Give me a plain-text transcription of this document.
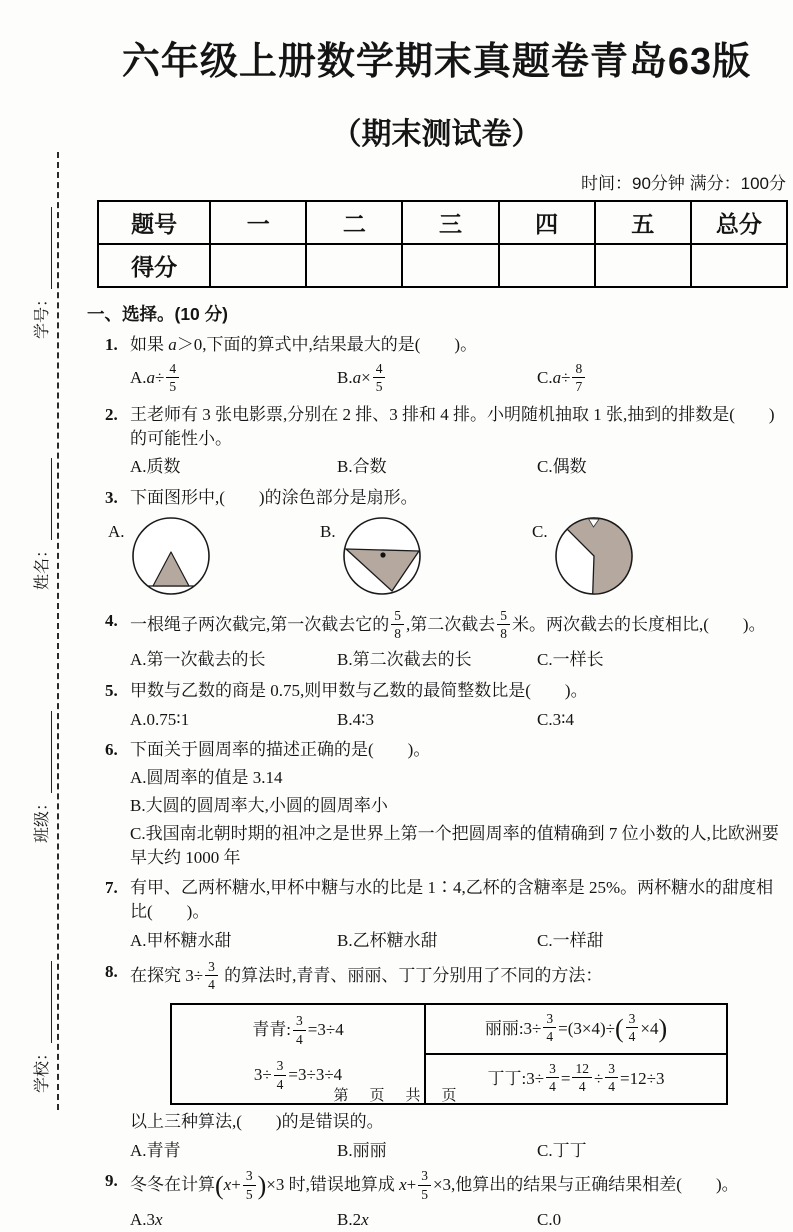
学号：
姓名：
班级：
学校：
六年级上册数学期末真题卷青岛63版
（期末测试卷）
时间：90分钟 满分：100分
题号	一	二	三	四	五	总分
得分						
一、选择。(10 分)
1. 如果 a＞0,下面的算式中,结果最大的是(　　)。
$A.a\div \frac{4}{5}$	$B.a\times \frac{4}{5}$	$C.a\div \frac{8}{7}$
2. 王老师有 3 张电影票,分别在 2 排、3 排和 4 排。小明随机抽取 1 张,抽到的排数是(　　)的可能性小。
A.质数	B.合数	C.偶数
3. 下面图形中,(　　)的涂色部分是扇形。
A.	B.	C.
4. 一根绳子两次截完,第一次截去它的 $\frac{5}{8}$ ,第二次截去 $\frac{5}{8}$ 米。两次截去的长度相比,(　　)。
A.第一次截去的长	B.第二次截去的长	C.一样长
5. 甲数与乙数的商是 0.75,则甲数与乙数的最简整数比是(　　)。
A.0.75∶1	B.4∶3	C.3∶4
6. 下面关于圆周率的描述正确的是(　　)。
A.圆周率的值是 3.14
B.大圆的圆周率大,小圆的圆周率小
C.我国南北朝时期的祖冲之是世界上第一个把圆周率的值精确到 7 位小数的人,比欧洲要早大约 1000 年
7. 有甲、乙两杯糖水,甲杯中糖与水的比是 1∶4,乙杯的含糖率是 25%。两杯糖水的甜度相比(　　)。
A.甲杯糖水甜	B.乙杯糖水甜	C.一样甜
8. 在探究 $3\div \frac{3}{4}$ 的算法时,青青、丽丽、丁丁分别用了不同的方法：
青青: $\frac{3}{4} =3\div 4$
$3\div \frac{3}{4} =3\div 3\div 4$
丽丽:3÷ $\frac{3}{4} =(3\times 4)\div$ ( $\frac{3}{4} \times 4$ )
丁丁:3÷ $\frac{3}{4} = \frac{12}{4} \div \frac{3}{4} =12\div 3$
以上三种算法,(　　)的是错误的。
A.青青	B.丽丽	C.丁丁
9. 冬冬在计算$(x+ \frac{3}{5} )\times 3$ 时,错误地算成 $x+ \frac{3}{5} \times 3$,他算出的结果与正确结果相差(　　)。
A.3x	B.2x	C.0
第　页　共　页
